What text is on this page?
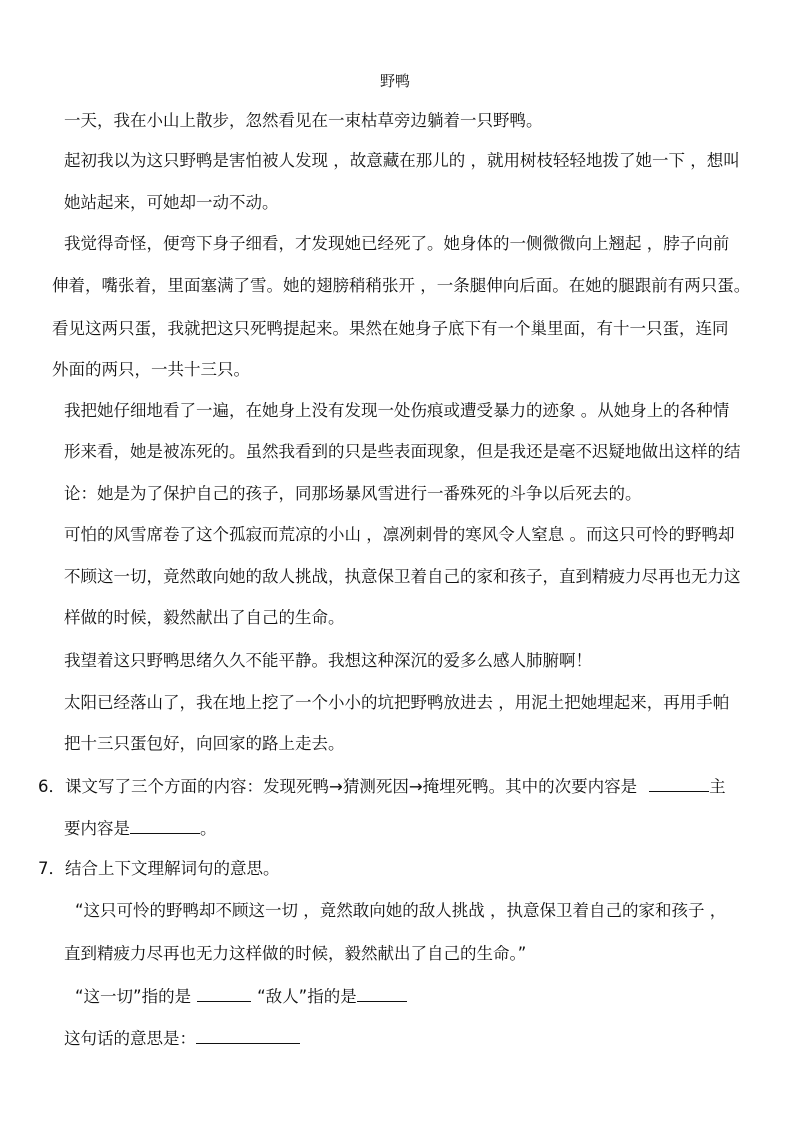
野鸭
一天，我在小山上散步，忽然看见在一束枯草旁边躺着一只野鸭。
起初我以为这只野鸭是害怕被人发现 ，故意藏在那儿的 ，就用树枝轻轻地拨了她一下 ，想叫
她站起来，可她却一动不动。
我觉得奇怪，便弯下身子细看，才发现她已经死了。她身体的一侧微微向上翘起 ，脖子向前
伸着，嘴张着，里面塞满了雪。她的翅膀稍稍张开 ，一条腿伸向后面。在她的腿跟前有两只蛋。
看见这两只蛋，我就把这只死鸭提起来。果然在她身子底下有一个巢里面，有十一只蛋，连同
外面的两只，一共十三只。
我把她仔细地看了一遍，在她身上没有发现一处伤痕或遭受暴力的迹象 。从她身上的各种情
形来看，她是被冻死的。虽然我看到的只是些表面现象，但是我还是毫不迟疑地做出这样的结
论：她是为了保护自己的孩子，同那场暴风雪进行一番殊死的斗争以后死去的。
可怕的风雪席卷了这个孤寂而荒凉的小山 ，凛冽刺骨的寒风令人窒息 。而这只可怜的野鸭却
不顾这一切，竟然敢向她的敌人挑战，执意保卫着自己的家和孩子，直到精疲力尽再也无力这
样做的时候，毅然献出了自己的生命。
我望着这只野鸭思绪久久不能平静。我想这种深沉的爱多么感人肺腑啊！
太阳已经落山了，我在地上挖了一个小小的坑把野鸭放进去 ，用泥土把她埋起来，再用手帕
把十三只蛋包好，向回家的路上走去。
6．课文写了三个方面的内容：发现死鸭→猜测死因→掩埋死鸭。其中的次要内容是	主
要内容是	。
7．结合上下文理解词句的意思。
“这只可怜的野鸭却不顾这一切 ，竟然敢向她的敌人挑战 ，执意保卫着自己的家和孩子 ，
直到精疲力尽再也无力这样做的时候，毅然献出了自己的生命。”
“这一切”指的是	“敌人”指的是
这句话的意思是：
